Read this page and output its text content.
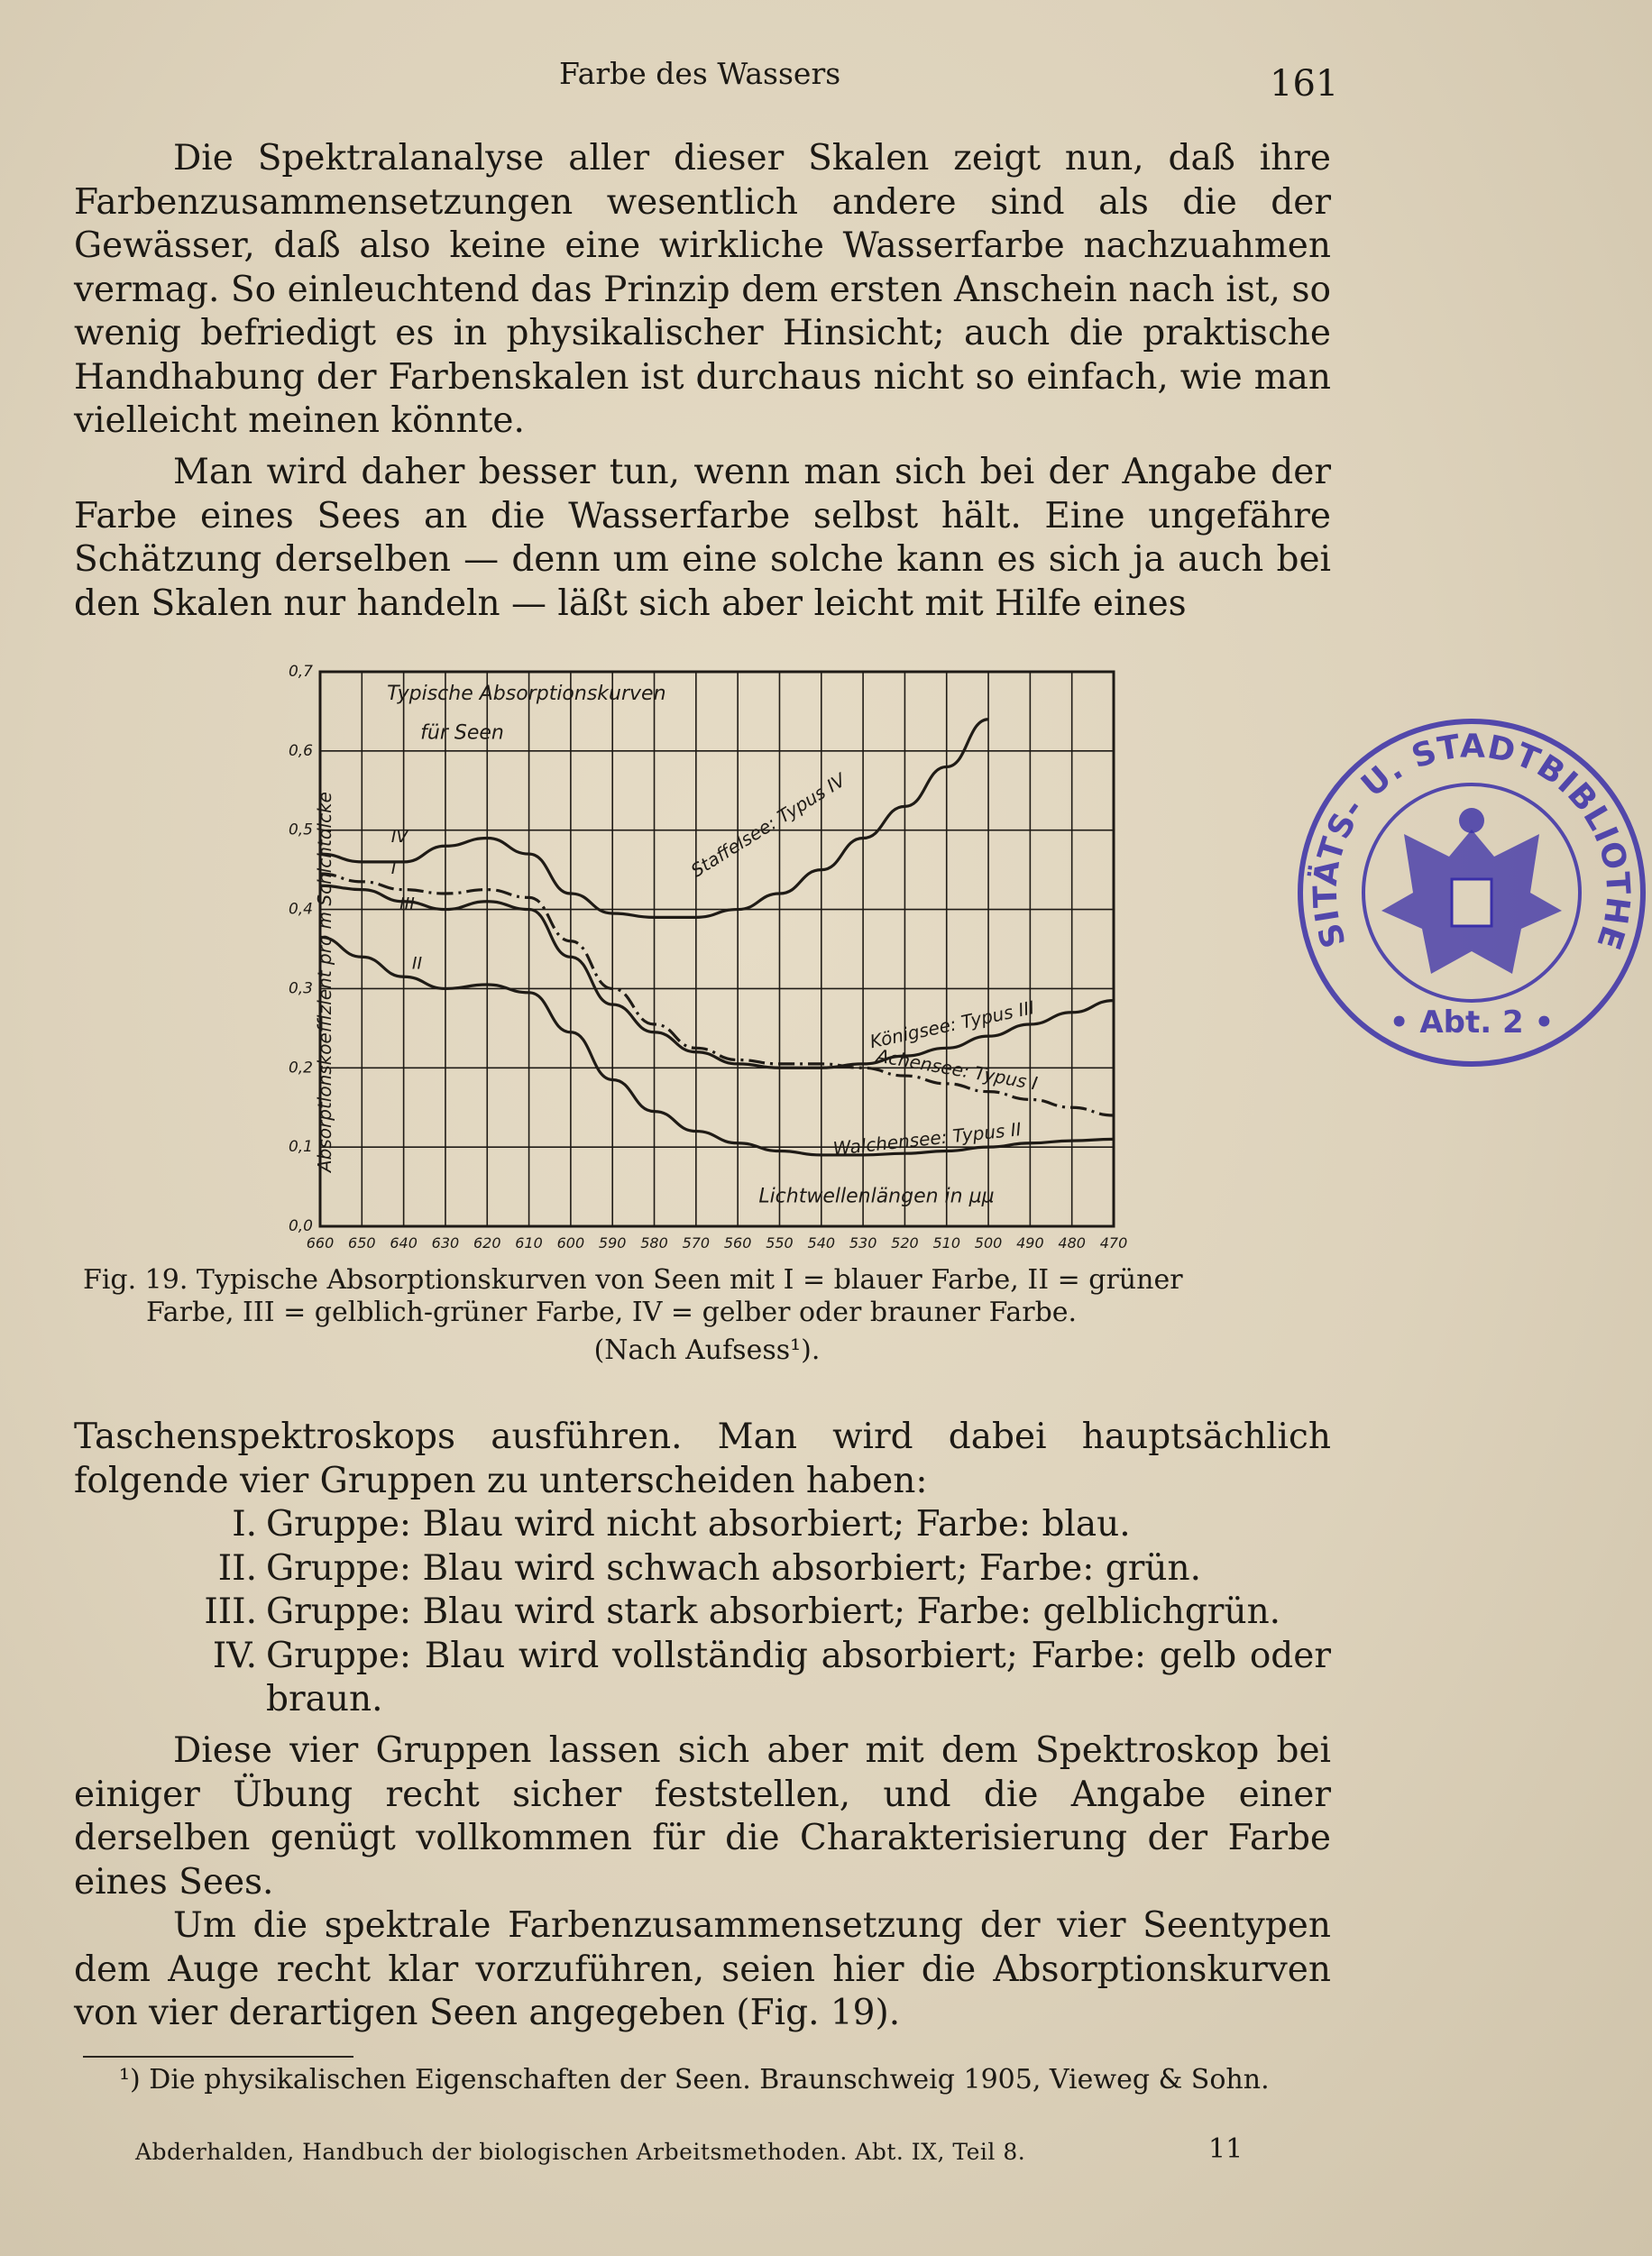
Farbe des Wassers	161

Die Spektralanalyse aller dieser Skalen zeigt nun, daß ihre Farbenzusammensetzungen wesentlich andere sind als die der Gewässer, daß also keine eine wirkliche Wasserfarbe nachzuahmen vermag. So einleuchtend das Prinzip dem ersten Anschein nach ist, so wenig befriedigt es in physikalischer Hinsicht; auch die praktische Handhabung der Farbenskalen ist durchaus nicht so einfach, wie man vielleicht meinen könnte.

Man wird daher besser tun, wenn man sich bei der Angabe der Farbe eines Sees an die Wasserfarbe selbst hält. Eine ungefähre Schätzung derselben — denn um eine solche kann es sich ja auch bei den Skalen nur handeln — läßt sich aber leicht mit Hilfe eines

0,0
0,1
0,2
0,3
0,4
0,5
0,6
0,7
660 650 640 630 620 610 600 590 580 570 560 550 540 530 520 510 500 490 480 470
Absorptionskoeffizient pro m Schichtdicke
Lichtwellenlängen in µµ
Typische Absorptionskurven
für Seen
Staffelsee: Typus IV
IV
Achensee: Typus I
I
Königsee: Typus III
III
Walchensee: Typus II
II
Fig. 19. Typische Absorptionskurven von Seen mit I = blauer Farbe, II = grüner
Farbe, III = gelblich-grüner Farbe, IV = gelber oder brauner Farbe.
(Nach Aufsess¹).

Taschenspektroskops ausführen. Man wird dabei hauptsächlich folgende vier Gruppen zu unterscheiden haben:

I. Gruppe: Blau wird nicht absorbiert; Farbe: blau.
II. Gruppe: Blau wird schwach absorbiert; Farbe: grün.
III. Gruppe: Blau wird stark absorbiert; Farbe: gelblichgrün.
IV. Gruppe: Blau wird vollständig absorbiert; Farbe: gelb oder braun.

Diese vier Gruppen lassen sich aber mit dem Spektroskop bei einiger Übung recht sicher feststellen, und die Angabe einer derselben genügt vollkommen für die Charakterisierung der Farbe eines Sees.

Um die spektrale Farbenzusammensetzung der vier Seentypen dem Auge recht klar vorzuführen, seien hier die Absorptionskurven von vier derartigen Seen angegeben (Fig. 19).

¹) Die physikalischen Eigenschaften der Seen. Braunschweig 1905, Vieweg & Sohn.
Abderhalden, Handbuch der biologischen Arbeitsmethoden. Abt. IX, Teil 8.	11
SITÄTS- U. STADTBIBLIOTHE
• Abt. 2 •
